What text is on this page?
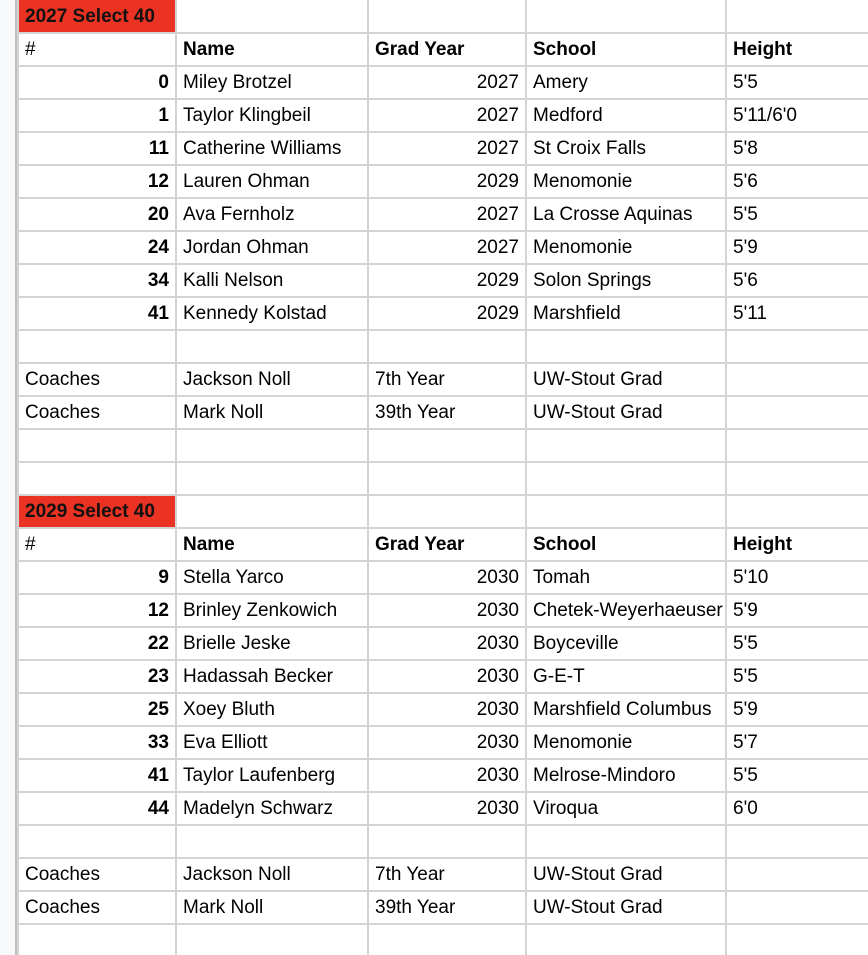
2027 Select 40				
#	Name	Grad Year	School	Height
0	Miley Brotzel	2027	Amery	5'5
1	Taylor Klingbeil	2027	Medford	5'11/6'0
11	Catherine Williams	2027	St Croix Falls	5'8
12	Lauren Ohman	2029	Menomonie	5'6
20	Ava Fernholz	2027	La Crosse Aquinas	5'5
24	Jordan Ohman	2027	Menomonie	5'9
34	Kalli Nelson	2029	Solon Springs	5'6
41	Kennedy Kolstad	2029	Marshfield	5'11

Coaches	Jackson Noll	7th Year	UW-Stout Grad	
Coaches	Mark Noll	39th Year	UW-Stout Grad	

2029 Select 40				
#	Name	Grad Year	School	Height
9	Stella Yarco	2030	Tomah	5'10
12	Brinley Zenkowich	2030	Chetek-Weyerhaeuser	5'9
22	Brielle Jeske	2030	Boyceville	5'5
23	Hadassah Becker	2030	G-E-T	5'5
25	Xoey Bluth	2030	Marshfield Columbus	5'9
33	Eva Elliott	2030	Menomonie	5'7
41	Taylor Laufenberg	2030	Melrose-Mindoro	5'5
44	Madelyn Schwarz	2030	Viroqua	6'0

Coaches	Jackson Noll	7th Year	UW-Stout Grad	
Coaches	Mark Noll	39th Year	UW-Stout Grad	
